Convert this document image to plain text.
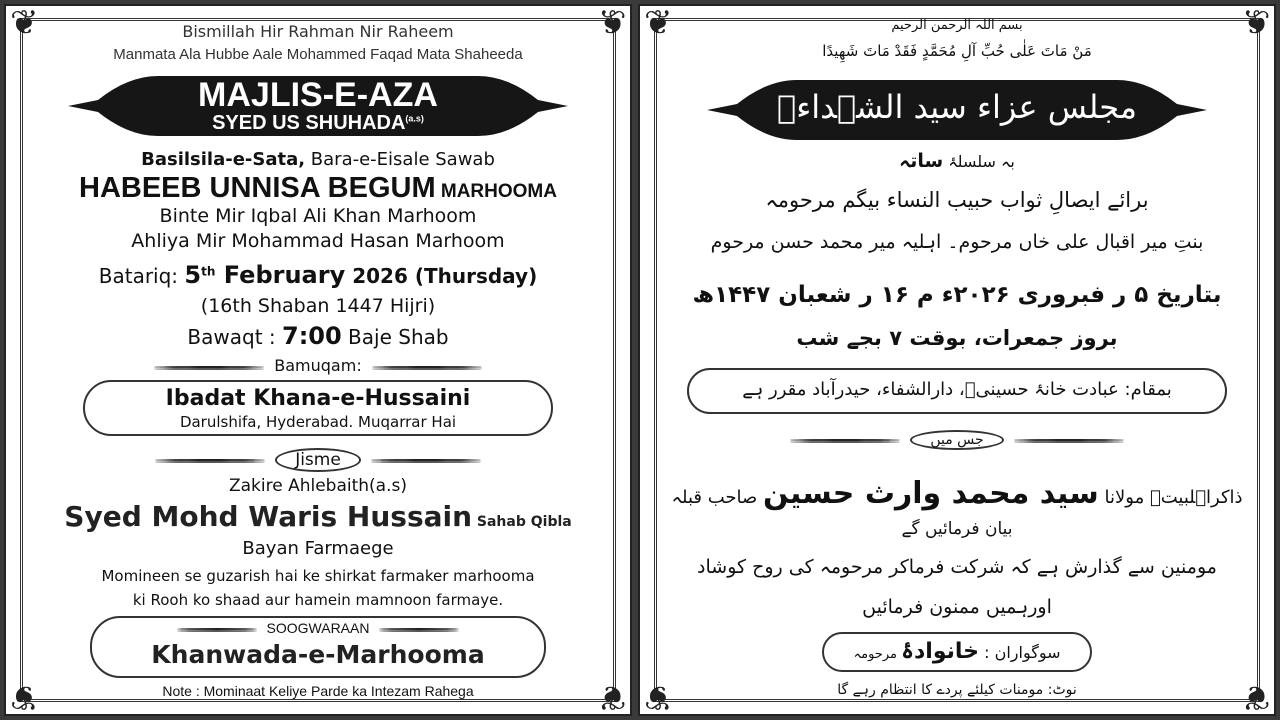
❦	❦
❦	❦
Bismillah Hir Rahman Nir Raheem
Manmata Ala Hubbe Aale Mohammed Faqad Mata Shaheeda
MAJLIS-E-AZA
SYED US $SHUHADA^{(a.s)}$
Basilsila-e-Sata, Bara-e-Eisale Sawab
HABEEB UNNISA BEGUM MARHOOMA
Binte Mir Iqbal Ali Khan Marhoom
Ahliya Mir Mohammad Hasan Marhoom
Batariq: 5th February 2026 (Thursday)
(16th Shaban 1447 Hijri)
Bawaqt : 7:00 Baje Shab
Bamuqam:
Ibadat Khana-e-Hussaini
Darulshifa, Hyderabad. Muqarrar Hai
Jisme
Zakire Ahlebaith(a.s)
Syed Mohd Waris Hussain Sahab Qibla
Bayan Farmaege
Momineen se guzarish hai ke shirkat farmaker marhooma
ki Rooh ko shaad aur hamein mamnoon farmaye.
SOOGWARAAN
Khanwada-e-Marhooma
Note : Mominaat Keliye Parde ka Intezam Rahega
❦	❦
❦	❦
بسم اللہ الرحمن الرحیم
مَنْ مَاتَ عَلٰی حُبِّ آلِ مُحَمَّدٍ فَقَدْ مَاتَ شَهِيدًا
مجلس عزاء سید الشہداءؑ
بہ سلسلۂ ساتہ
برائے ایصالِ ثواب حبیب النساء بیگم مرحومہ
بنتِ میر اقبال علی خاں مرحوم۔ اہلیہ میر محمد حسن مرحوم
بتاریخ ۵ ر فبروری ۲۰۲۶ء م ۱۶ ر شعبان ۱۴۴۷ھ
بروز جمعرات، بوقت ۷ بجے شب
بمقام: عبادت خانۂ حسینیؑ، دارالشفاء، حیدرآباد مقرر ہے
جس میں
ذاکراہلبیتؑ مولانا سید محمد وارث حسین صاحب قبلہ
بیان فرمائیں گے
مومنین سے گذارش ہے کہ شرکت فرماکر مرحومہ کی روح کوشاد
اورہمیں ممنون فرمائیں
سوگواران : خانوادۂ مرحومہ
نوٹ: مومنات کیلئے پردے کا انتظام رہے گا
